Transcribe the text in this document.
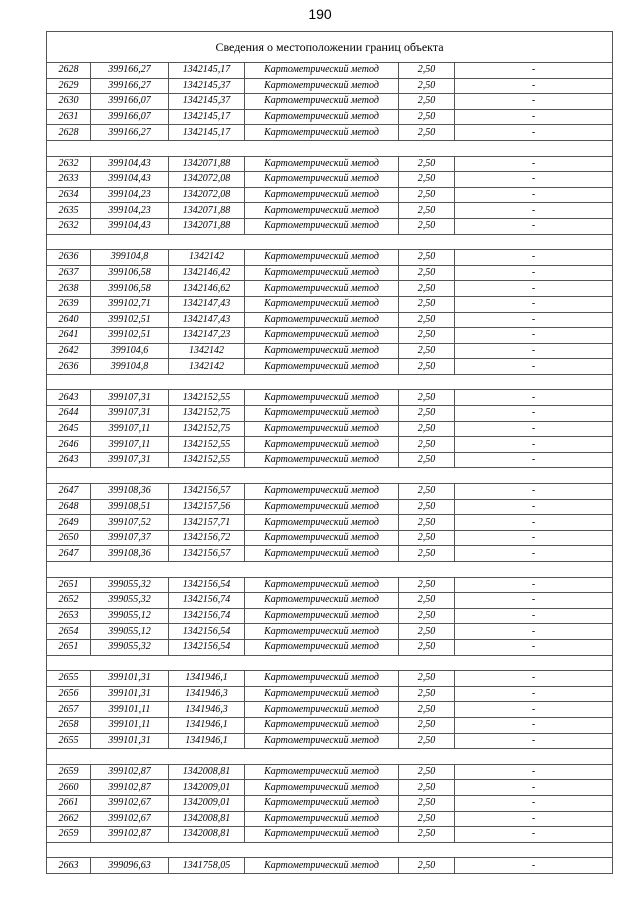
190
Сведения о местоположении границ объекта					
2628	399166,27	1342145,17	Картометрический метод	2,50	-
2629	399166,27	1342145,37	Картометрический метод	2,50	-
2630	399166,07	1342145,37	Картометрический метод	2,50	-
2631	399166,07	1342145,17	Картометрический метод	2,50	-
2628	399166,27	1342145,17	Картометрический метод	2,50	-

2632	399104,43	1342071,88	Картометрический метод	2,50	-
2633	399104,43	1342072,08	Картометрический метод	2,50	-
2634	399104,23	1342072,08	Картометрический метод	2,50	-
2635	399104,23	1342071,88	Картометрический метод	2,50	-
2632	399104,43	1342071,88	Картометрический метод	2,50	-

2636	399104,8	1342142	Картометрический метод	2,50	-
2637	399106,58	1342146,42	Картометрический метод	2,50	-
2638	399106,58	1342146,62	Картометрический метод	2,50	-
2639	399102,71	1342147,43	Картометрический метод	2,50	-
2640	399102,51	1342147,43	Картометрический метод	2,50	-
2641	399102,51	1342147,23	Картометрический метод	2,50	-
2642	399104,6	1342142	Картометрический метод	2,50	-
2636	399104,8	1342142	Картометрический метод	2,50	-

2643	399107,31	1342152,55	Картометрический метод	2,50	-
2644	399107,31	1342152,75	Картометрический метод	2,50	-
2645	399107,11	1342152,75	Картометрический метод	2,50	-
2646	399107,11	1342152,55	Картометрический метод	2,50	-
2643	399107,31	1342152,55	Картометрический метод	2,50	-

2647	399108,36	1342156,57	Картометрический метод	2,50	-
2648	399108,51	1342157,56	Картометрический метод	2,50	-
2649	399107,52	1342157,71	Картометрический метод	2,50	-
2650	399107,37	1342156,72	Картометрический метод	2,50	-
2647	399108,36	1342156,57	Картометрический метод	2,50	-

2651	399055,32	1342156,54	Картометрический метод	2,50	-
2652	399055,32	1342156,74	Картометрический метод	2,50	-
2653	399055,12	1342156,74	Картометрический метод	2,50	-
2654	399055,12	1342156,54	Картометрический метод	2,50	-
2651	399055,32	1342156,54	Картометрический метод	2,50	-

2655	399101,31	1341946,1	Картометрический метод	2,50	-
2656	399101,31	1341946,3	Картометрический метод	2,50	-
2657	399101,11	1341946,3	Картометрический метод	2,50	-
2658	399101,11	1341946,1	Картометрический метод	2,50	-
2655	399101,31	1341946,1	Картометрический метод	2,50	-

2659	399102,87	1342008,81	Картометрический метод	2,50	-
2660	399102,87	1342009,01	Картометрический метод	2,50	-
2661	399102,67	1342009,01	Картометрический метод	2,50	-
2662	399102,67	1342008,81	Картометрический метод	2,50	-
2659	399102,87	1342008,81	Картометрический метод	2,50	-

2663	399096,63	1341758,05	Картометрический метод	2,50	-
